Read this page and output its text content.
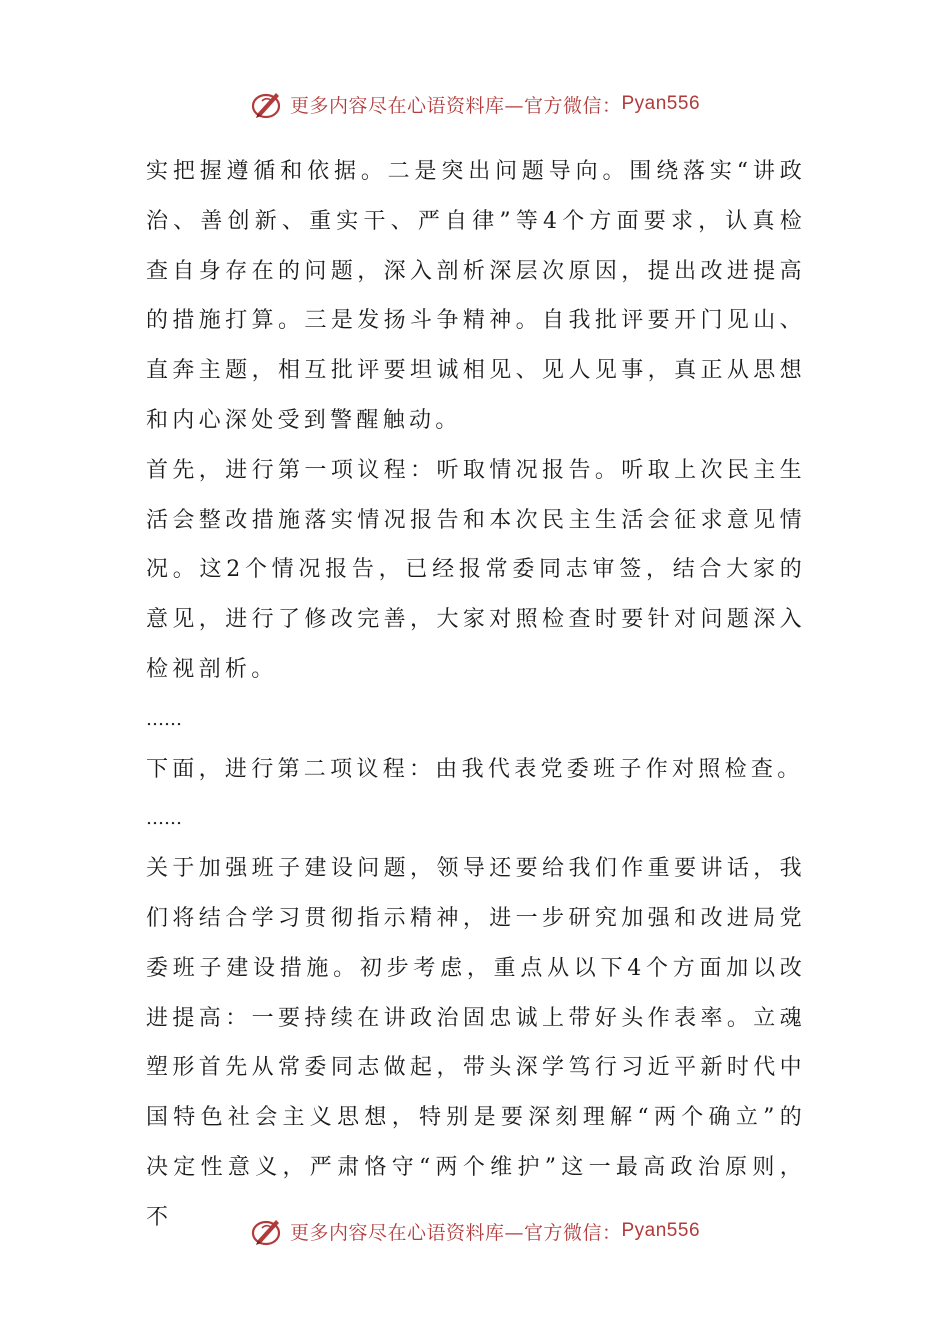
更多内容尽在心语资料库—官方微信： Pyan556

实把握遵循和依据。二是突出问题导向。围绕落实“讲政治、善创新、重实干、严自律”等4个方面要求，认真检查自身存在的问题，深入剖析深层次原因，提出改进提高的措施打算。三是发扬斗争精神。自我批评要开门见山、直奔主题，相互批评要坦诚相见、见人见事，真正从思想和内心深处受到警醒触动。

首先，进行第一项议程：听取情况报告。听取上次民主生活会整改措施落实情况报告和本次民主生活会征求意见情况。这2个情况报告，已经报常委同志审签，结合大家的意见，进行了修改完善，大家对照检查时要针对问题深入检视剖析。

……

下面，进行第二项议程：由我代表党委班子作对照检查。

……

关于加强班子建设问题，领导还要给我们作重要讲话，我们将结合学习贯彻指示精神，进一步研究加强和改进局党委班子建设措施。初步考虑，重点从以下4个方面加以改进提高：一要持续在讲政治固忠诚上带好头作表率。立魂塑形首先从常委同志做起，带头深学笃行习近平新时代中国特色社会主义思想，特别是要深刻理解“两个确立”的决定性意义，严肃恪守“两个维护”这一最高政治原则，不

更多内容尽在心语资料库—官方微信： Pyan556
